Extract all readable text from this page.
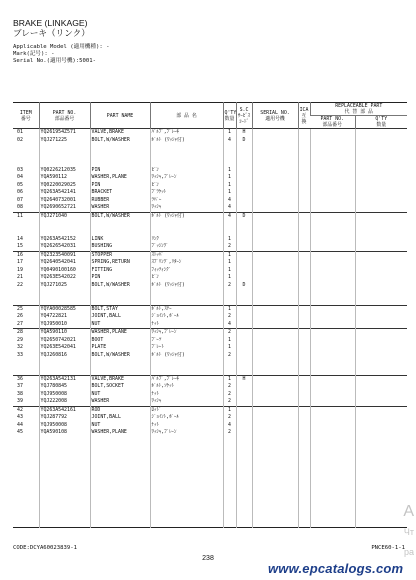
BRAKE (LINKAGE)
ブレーキ（リンク）
Applicable Model (適用機種): -
Mark(記号): -
Serial No.(適用号機):5001-
ITEM
番号	PART NO.
部品番号	PART NAME	部 品 名	Q'TY
数量	S.C
ｻｰﾋﾞｽ
ｺｰﾄﾞ	SERIAL NO.
適用号機	ICA
互
換	REPLACEABLE PART
代 替 部 品	
								PART NO.
部品番号	Q'TY
数量
01	YQ261954Z571	VALVE,BRAKE	ﾊﾞﾙﾌﾞ,ﾌﾞﾚｰｷ	1	H				
02	YQJ271225	BOLT,W/WASHER	ﾎﾞﾙﾄ (ﾜｯｼｬ付)	4	D				

03	YQ0226212035	PIN	ﾋﾟﾝ	1					
04	YQA590112	WASHER,PLANE	ﾜｯｼｬ,ﾌﾟﾚｰﾝ	1					
05	YQ0220029025	PIN	ﾋﾟﾝ	1					
06	YQ263A542141	BRACKET	ﾌﾞﾗｹｯﾄ	1					
07	YQ2640732001	RUBBER	ﾗﾊﾞｰ	4					
08	YQ2690652721	WASHER	ﾜｯｼｬ	4					
11	YQJ271040	BOLT,W/WASHER	ﾎﾞﾙﾄ (ﾜｯｼｬ付)	4	D				

14	YQ263A542152	LINK	ﾘﾝｸ	1					
15	YQ2626542031	BUSHING	ﾌﾞｯｼﾝｸﾞ	2					
16	YQ2323540091	STOPPER	ｽﾄｯﾊﾟ	1					
17	YQ2640542041	SPRING,RETURN	ｽﾌﾟﾘﾝｸﾞ,ﾘﾀｰﾝ	1					
19	YQ0490100160	FITTING	ﾌｨｯﾃｨﾝｸﾞ	1					
21	YQ263E542022	PIN	ﾋﾟﾝ	1					
22	YQJ271025	BOLT,W/WASHER	ﾎﾞﾙﾄ (ﾜｯｼｬ付)	2	D				

25	YQYA00028585	BOLT,STAY	ﾎﾞﾙﾄ,ｽﾃｰ	1					
26	YQ4722821	JOINT,BALL	ｼﾞｮｲﾝﾄ,ﾎﾞｰﾙ	2					
27	YQJ950010	NUT	ﾅｯﾄ	4					
28	YQA590110	WASHER,PLANE	ﾜｯｼｬ,ﾌﾟﾚｰﾝ	2					
29	YQ2650742021	BOOT	ﾌﾞｰﾂ	1					
32	YQ263E542041	PLATE	ﾌﾟﾚｰﾄ	1					
33	YQJ260816	BOLT,W/WASHER	ﾎﾞﾙﾄ (ﾜｯｼｬ付)	2					

36	YQ263A542131	VALVE,BRAKE	ﾊﾞﾙﾌﾞ,ﾌﾞﾚｰｷ	1	H				
37	YQJ780845	BOLT,SOCKET	ﾎﾞﾙﾄ,ｿｹｯﾄ	2					
38	YQJ950008	NUT	ﾅｯﾄ	2					
39	YQJ222008	WASHER	ﾜｯｼｬ	2					
42	YQ263A542161	ROD	ﾛｯﾄﾞ	1					
43	YQJ287792	JOINT,BALL	ｼﾞｮｲﾝﾄ,ﾎﾞｰﾙ	2					
44	YQJ950008	NUT	ﾅｯﾄ	4					
45	YQA590108	WASHER,PLANE	ﾜｯｼｬ,ﾌﾟﾚｰﾝ	2					

CODE:DCYA60023839-1	PNCE60-1-1
238
www.epcatalogs.com
А
Чт
ра
